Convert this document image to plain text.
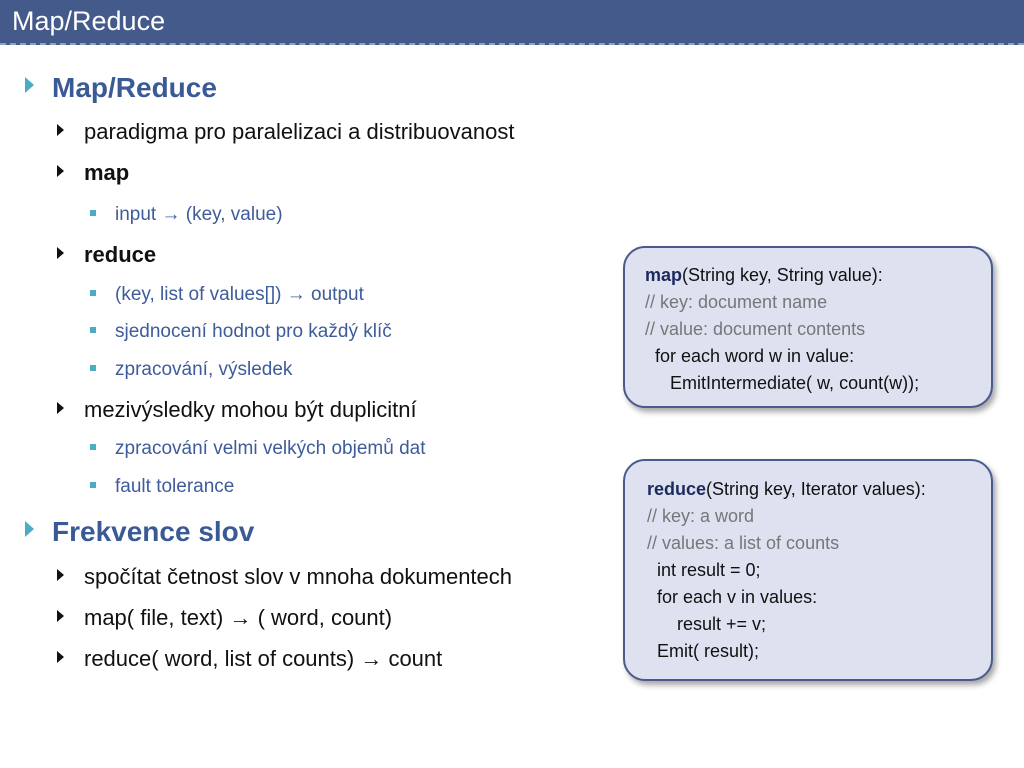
Map/Reduce
Map/Reduce
paradigma pro paralelizaci a distribuovanost
map
input → (key, value)
reduce
(key, list of values[]) → output
sjednocení hodnot pro každý klíč
zpracování, výsledek
mezivýsledky mohou být duplicitní
zpracování velmi velkých objemů dat
fault tolerance
Frekvence slov
spočítat četnost slov v mnoha dokumentech
map( file, text) → ( word, count)
reduce( word, list of counts) → count
map(String key, String value):
// key: document name
// value: document contents
for each word w in value:
EmitIntermediate( w, count(w));
reduce(String key, Iterator values):
// key: a word
// values: a list of counts
int result = 0;
for each v in values:
result += v;
Emit( result);
